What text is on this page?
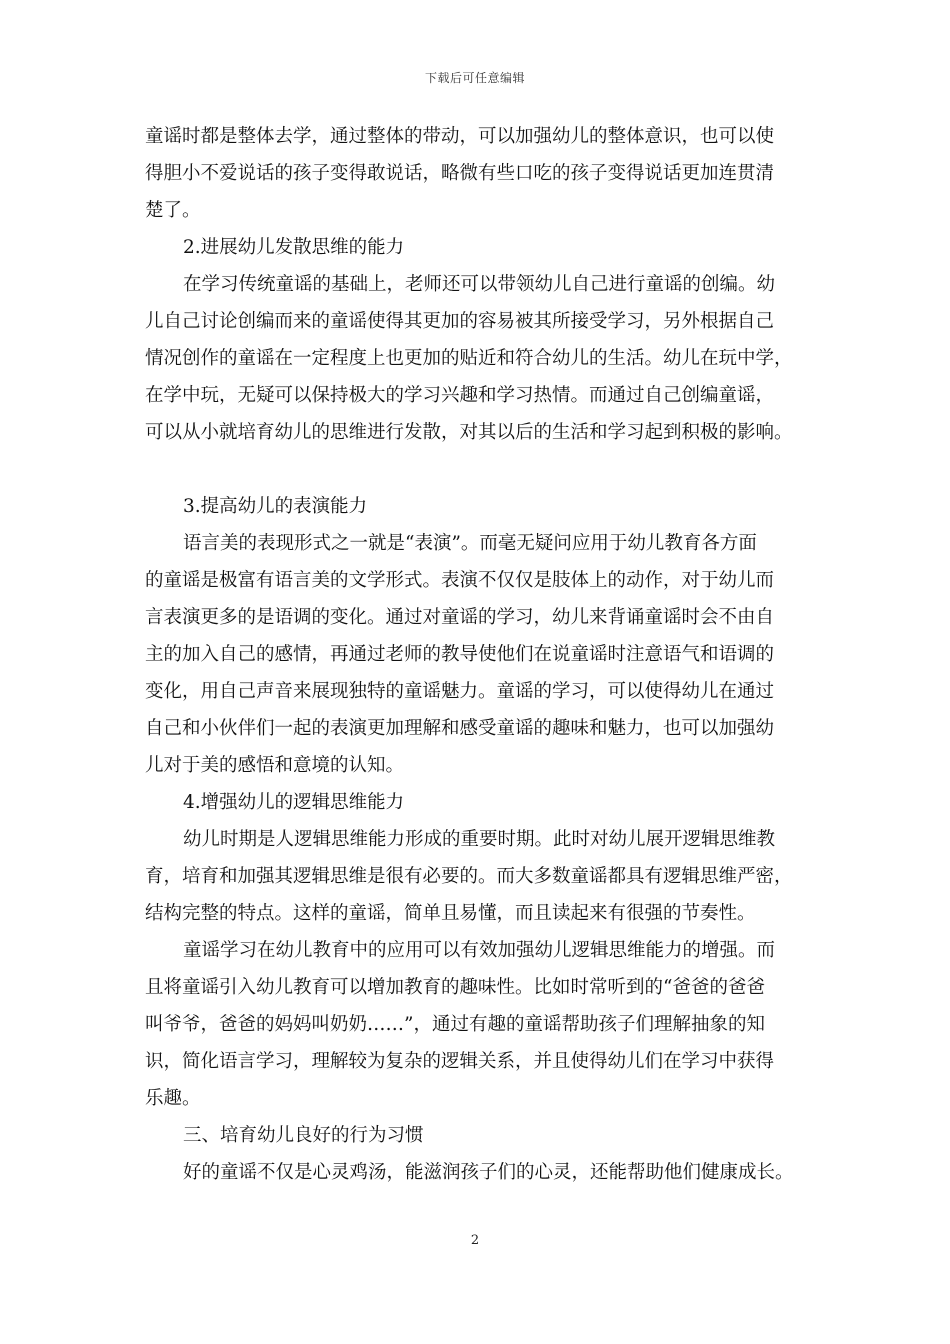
下载后可任意编辑
童谣时都是整体去学，通过整体的带动，可以加强幼儿的整体意识，也可以使
得胆小不爱说话的孩子变得敢说话，略微有些口吃的孩子变得说话更加连贯清
楚了。
2.进展幼儿发散思维的能力
在学习传统童谣的基础上，老师还可以带领幼儿自己进行童谣的创编。幼
儿自己讨论创编而来的童谣使得其更加的容易被其所接受学习，另外根据自己
情况创作的童谣在一定程度上也更加的贴近和符合幼儿的生活。幼儿在玩中学，
在学中玩，无疑可以保持极大的学习兴趣和学习热情。而通过自己创编童谣，
可以从小就培育幼儿的思维进行发散，对其以后的生活和学习起到积极的影响。
3.提高幼儿的表演能力
语言美的表现形式之一就是“表演”。而毫无疑问应用于幼儿教育各方面
的童谣是极富有语言美的文学形式。表演不仅仅是肢体上的动作，对于幼儿而
言表演更多的是语调的变化。通过对童谣的学习，幼儿来背诵童谣时会不由自
主的加入自己的感情，再通过老师的教导使他们在说童谣时注意语气和语调的
变化，用自己声音来展现独特的童谣魅力。童谣的学习，可以使得幼儿在通过
自己和小伙伴们一起的表演更加理解和感受童谣的趣味和魅力，也可以加强幼
儿对于美的感悟和意境的认知。
4.增强幼儿的逻辑思维能力
幼儿时期是人逻辑思维能力形成的重要时期。此时对幼儿展开逻辑思维教
育，培育和加强其逻辑思维是很有必要的。而大多数童谣都具有逻辑思维严密，
结构完整的特点。这样的童谣，简单且易懂，而且读起来有很强的节奏性。
童谣学习在幼儿教育中的应用可以有效加强幼儿逻辑思维能力的增强。而
且将童谣引入幼儿教育可以增加教育的趣味性。比如时常听到的“爸爸的爸爸
叫爷爷，爸爸的妈妈叫奶奶……”，通过有趣的童谣帮助孩子们理解抽象的知
识，简化语言学习，理解较为复杂的逻辑关系，并且使得幼儿们在学习中获得
乐趣。
三、培育幼儿良好的行为习惯
好的童谣不仅是心灵鸡汤，能滋润孩子们的心灵，还能帮助他们健康成长。
2
